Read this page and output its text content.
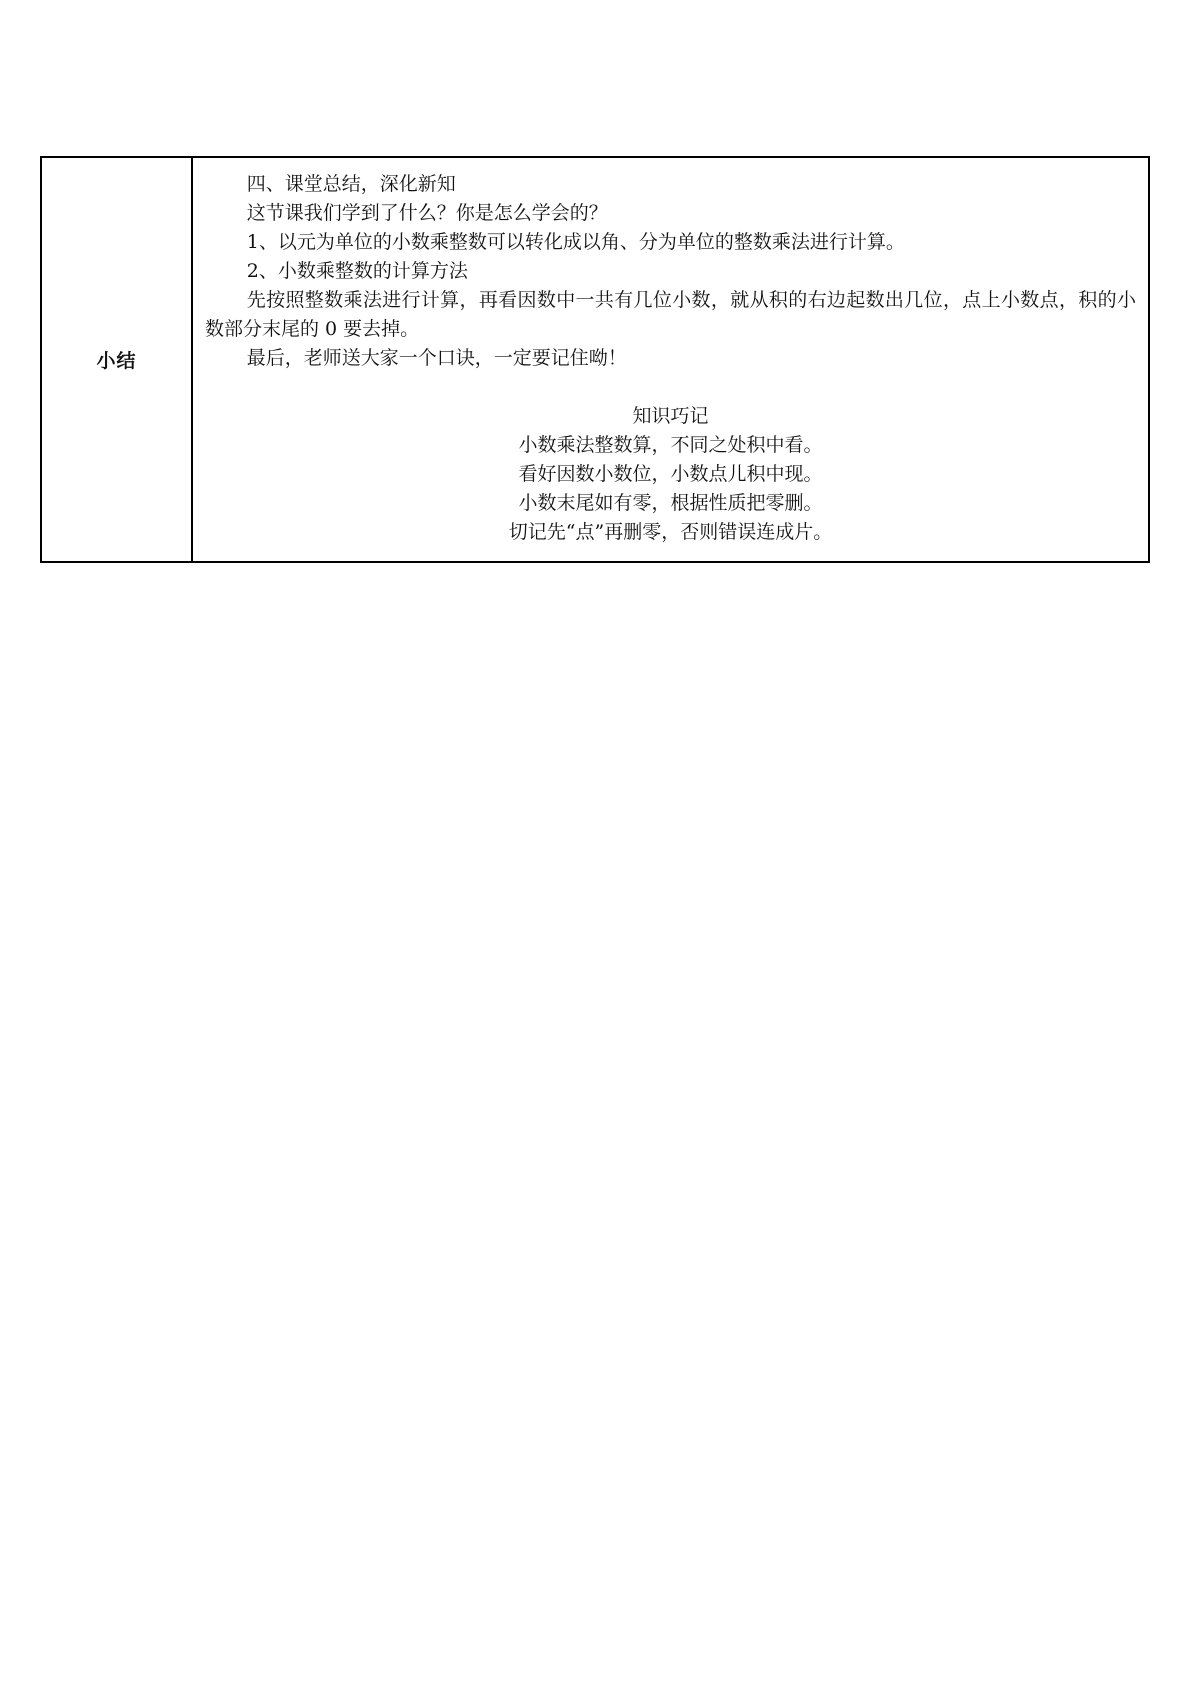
小结	

四、课堂总结，深化新知

这节课我们学到了什么？你是怎么学会的？

1、以元为单位的小数乘整数可以转化成以角、分为单位的整数乘法进行计算。

2、小数乘整数的计算方法

先按照整数乘法进行计算，再看因数中一共有几位小数，就从积的右边起数出几位，点上小数点，积的小数部分末尾的 0 要去掉。

最后，老师送大家一个口诀，一定要记住呦！

知识巧记

小数乘法整数算，不同之处积中看。

看好因数小数位，小数点儿积中现。

小数末尾如有零，根据性质把零删。

切记先“点”再删零，否则错误连成片。
